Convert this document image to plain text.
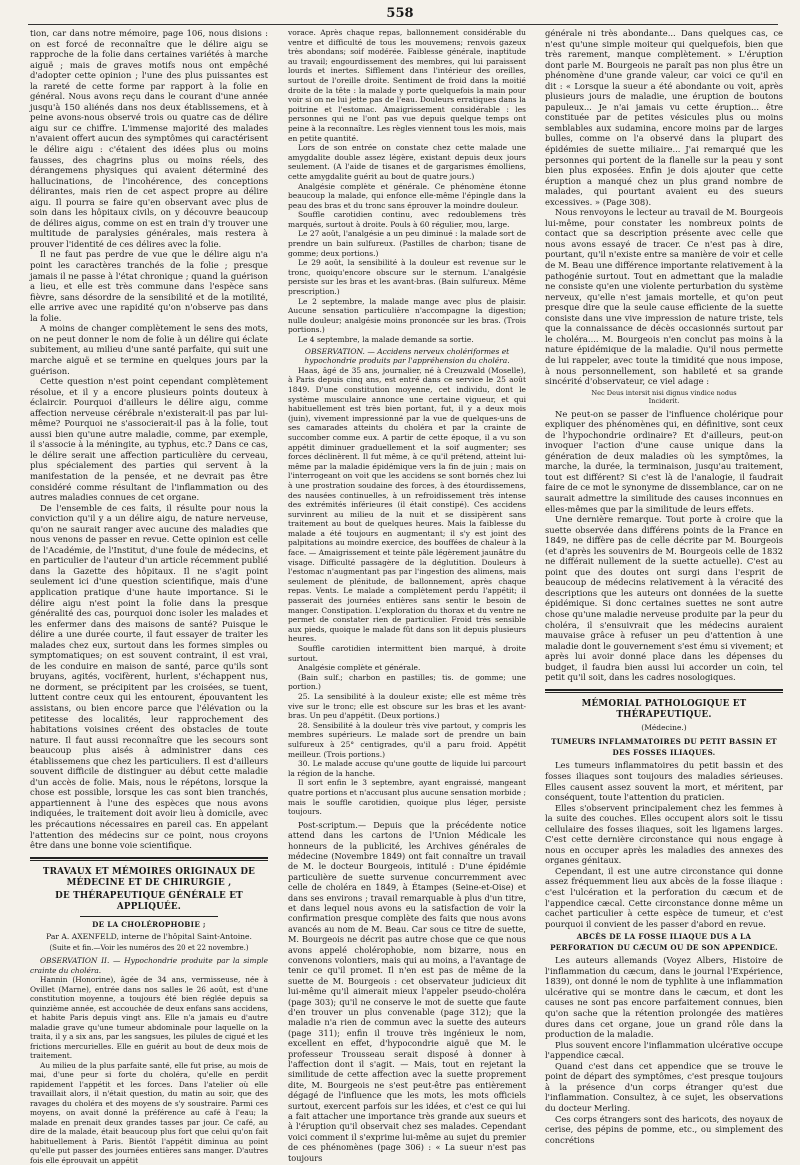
558

tion, car dans notre mémoire, page 106, nous disions : on est forcé de reconnaître que le délire aigu se rapproche de la folie dans certaines variétés à marche aiguë ; mais de graves motifs nous ont empêché d'adopter cette opinion ; l'une des plus puissantes est la rareté de cette forme par rapport à la folie en général. Nous avons reçu dans le courant d'une année jusqu'à 150 aliénés dans nos deux établissemens, et à peine avons-nous observé trois ou quatre cas de délire aigu sur ce chiffre. L'immense majorité des malades n'avaient offert aucun des symptômes qui caractérisent le délire aigu : c'étaient des idées plus ou moins fausses, des chagrins plus ou moins réels, des dérangemens physiques qui avaient déterminé des hallucinations, de l'incohérence, des conceptions délirantes, mais rien de cet aspect propre au délire aigu. Il pourra se faire qu'en observant avec plus de soin dans les hôpitaux civils, on y découvre beaucoup de délires aigus, comme on est en train d'y trouver une multitude de paralysies générales, mais restera à prouver l'identité de ces délires avec la folie.

Il ne faut pas perdre de vue que le délire aigu n'a point les caractères tranchés de la folie ; presque jamais il ne passe à l'état chronique ; quand la guérison a lieu, et elle est très commune dans l'espèce sans fièvre, sans désordre de la sensibilité et de la motilité, elle arrive avec une rapidité qu'on n'observe pas dans la folie.

A moins de changer complètement le sens des mots, on ne peut donner le nom de folie à un délire qui éclate subitement, au milieu d'une santé parfaite, qui suit une marche aiguë et se termine en quelques jours par la guérison.

Cette question n'est point cependant complètement résolue, et il y a encore plusieurs points douteux à éclaircir. Pourquoi d'ailleurs le délire aigu, comme affection nerveuse cérébrale n'existerait-il pas par lui-même? Pourquoi ne s'associerait-il pas à la folie, tout aussi bien qu'une autre maladie, comme, par exemple, il s'associe à la méningite, au typhus, etc.? Dans ce cas, le délire serait une affection particulière du cerveau, plus spécialement des parties qui servent à la manifestation de la pensée, et ne devrait pas être considéré comme résultant de l'inflammation ou des autres maladies connues de cet organe.

De l'ensemble de ces faits, il résulte pour nous la conviction qu'il y a un délire aigu, de nature nerveuse, qu'on ne saurait ranger avec aucune des maladies que nous venons de passer en revue. Cette opinion est celle de l'Académie, de l'Institut, d'une foule de médecins, et en particulier de l'auteur d'un article récemment publié dans la Gazette des hôpitaux. Il ne s'agit point seulement ici d'une question scientifique, mais d'une application pratique d'une haute importance. Si le délire aigu n'est point la folie dans la presque généralité des cas, pourquoi donc isoler les malades et les enfermer dans des maisons de santé? Puisque le délire a une durée courte, il faut essayer de traiter les malades chez eux, surtout dans les formes simples ou symptomatiques; on est souvent contraint, il est vrai, de les conduire en maison de santé, parce qu'ils sont bruyans, agités, vocifèrent, hurlent, s'échappent nus, ne dorment, se précipitent par les croisées, se tuent, luttent contre ceux qui les entourent, épouvantent les assistans, ou bien encore parce que l'élévation ou la petitesse des localités, leur rapprochement des habitations voisines créent des obstacles de toute nature. Il faut aussi reconnaître que les secours sont beaucoup plus aisés à administrer dans ces établissemens que chez les particuliers. Il est d'ailleurs souvent difficile de distinguer au début cette maladie d'un accès de folie. Mais, nous le répétons, lorsque la chose est possible, lorsque les cas sont bien tranchés, appartiennent à l'une des espèces que nous avons indiquées, le traitement doit avoir lieu à domicile, avec les précautions nécessaires en pareil cas. En appelant l'attention des médecins sur ce point, nous croyons être dans une bonne voie scientifique.

TRAVAUX ET MÉMOIRES ORIGINAUX DE MÉDECINE ET DE CHIRURGIE ,
DE THÉRAPEUTIQUE GÉNÉRALE ET APPLIQUÉE.
DE LA CHOLÉROPHOBIE ;
Par A. AXENFELD, interne de l'hôpital Saint-Antoine.
(Suite et fin.—Voir les numéros des 20 et 22 novembre.)

OBSERVATION II. — Hypochondrie produite par la simple crainte du choléra.

Hannin (Honorine), âgée de 34 ans, vermisseuse, née à Ovillet (Marne), entrée dans nos salles le 26 août, est d'une constitution moyenne, a toujours été bien réglée depuis sa quinzième année, est accouchée de deux enfans sans accidens, et habite Paris depuis vingt ans. Elle n'a jamais eu d'autre maladie grave qu'une tumeur abdominale pour laquelle on la traita, il y a six ans, par les sangsues, les pilules de cigué et les frictions mercurielles. Elle en guérit au bout de deux mois de traitement.

Au milieu de la plus parfaite santé, elle fut prise, au mois de mai, d'une peur si forte du choléra, qu'elle en perdit rapidement l'appétit et les forces. Dans l'atelier où elle travaillait alors, il n'était question, du matin au soir, que des ravages du choléra et des moyens de s'y soustraire. Parmi ces moyens, on avait donné la préférence au café à l'eau; la malade en prenait deux grandes tasses par jour. Ce café, au dire de la malade, était beaucoup plus fort que celui qu'on fait habituellement à Paris. Bientôt l'appétit diminua au point qu'elle put passer des journées entières sans manger. D'autres fois elle éprouvait un appétit

vorace. Après chaque repas, ballonnement considérable du ventre et difficulté de tous les mouvemens; renvois gazeux très abondans; soif modérée. Faiblesse générale, inaptitude au travail; engourdissement des membres, qui lui paraissent lourds et inertes. Sifflement dans l'intérieur des oreilles, surtout de l'oreille droite. Sentiment de froid dans la moitié droite de la tête : la malade y porte quelquefois la main pour voir si on ne lui jette pas de l'eau. Douleurs erratiques dans la poitrine et l'estomac. Amaigrissement considérable : les personnes qui ne l'ont pas vue depuis quelque temps ont peine à la reconnaître. Les règles viennent tous les mois, mais en petite quantité.

Lors de son entrée on constate chez cette malade une amygdalite double assez légère, existant depuis deux jours seulement. (A l'aide de tisanes et de gargarismes émolliens, cette amygdalite guérit au bout de quatre jours.)

Analgésie complète et générale. Ce phénomène étonne beaucoup la malade, qui enfonce elle-même l'épingle dans la peau des bras et du tronc sans éprouver la moindre douleur.

Souffle carotidien continu, avec redoublemens très marqués, surtout à droite. Pouls à 60 régulier, mou, large.

Le 27 août, l'analgésie a un peu diminué : la malade sort de prendre un bain sulfureux. (Pastilles de charbon; tisane de gomme; deux portions.)

Le 29 août, la sensibilité à la douleur est revenue sur le tronc, quoiqu'encore obscure sur le sternum. L'analgésie persiste sur les bras et les avant-bras. (Bain sulfureux. Même prescription.)

Le 2 septembre, la malade mange avec plus de plaisir. Aucune sensation particulière n'accompagne la digestion; nulle douleur; analgésie moins prononcée sur les bras. (Trois portions.)

Le 4 septembre, la malade demande sa sortie.

OBSERVATION. — Accidens nerveux cholériformes et hypochondrie produits par l'appréhension du choléra.

Haas, âgé de 35 ans, journalier, né à Creuzwald (Moselle), à Paris depuis cinq ans, est entré dans ce service le 25 août 1849. D'une constitution moyenne, cet individu, dont le système musculaire annonce une certaine vigueur, et qui habituellement est très bien portant, fut, il y a deux mois (juin), vivement impressionné par la vue de quelques-uns de ses camarades atteints du choléra et par la crainte de succomber comme eux. A partir de cette époque, il a vu son appétit diminuer graduellement et la soif augmenter; ses forces déclinèrent. Il fut même, à ce qu'il prétend, atteint lui-même par la maladie épidémique vers la fin de juin ; mais on l'interrogeant on voit que les accidens se sont bornés chez lui à une prostration soudaine des forces, à des étourdissemens, des nausées continuelles, à un refroidissement très intense des extrémités inférieures (il était constipé). Ces accidens survinrent au milieu de la nuit et se dissipèrent sans traitement au bout de quelques heures. Mais la faiblesse du malade a été toujours en augmentant; il s'y est joint des palpitations au moindre exercice, des bouffées de chaleur à la face. — Amaigrissement et teinte pâle légèrement jaunâtre du visage. Difficulté passagère de la déglutition. Douleurs à l'estomac n'augmentant pas par l'ingestion des alimens, mais seulement de plénitude, de ballonnement, après chaque repas. Vents. Le malade a complètement perdu l'appétit; il passerait des journées entières sans sentir le besoin de manger. Constipation. L'exploration du thorax et du ventre ne permet de constater rien de particulier. Froid très sensible aux pieds, quoique le malade fût dans son lit depuis plusieurs heures.

Souffle carotidien intermittent bien marqué, à droite surtout.

Analgésie complète et générale.

(Bain sulf.; charbon en pastilles; tis. de gomme; une portion.)

25. La sensibilité à la douleur existe; elle est même très vive sur le tronc; elle est obscure sur les bras et les avant-bras. Un peu d'appétit. (Deux portions.)

28. Sensibilité à la douleur très vive partout, y compris les membres supérieurs. Le malade sort de prendre un bain sulfureux à 25° centigrades, qu'il a paru froid. Appétit meilleur. (Trois portions.)

30. Le malade accuse qu'une goutte de liquide lui parcourt la région de la hanche.

Il sort enfin le 3 septembre, ayant engraissé, mangeant quatre portions et n'accusant plus aucune sensation morbide ; mais le souffle carotidien, quoique plus léger, persiste toujours.

Post-scriptum.— Depuis que la précédente notice attend dans les cartons de l'Union Médicale les honneurs de la publicité, les Archives générales de médecine (Novembre 1849) ont fait connaître un travail de M. le docteur Bourgeois, intitulé : D'une épidémie particulière de suette survenue concurremment avec celle de choléra en 1849, à Étampes (Seine-et-Oise) et dans ses environs ; travail remarquable à plus d'un titre, et dans lequel nous avons eu la satisfaction de voir la confirmation presque complète des faits que nous avons avancés au nom de M. Beau. Car sous ce titre de suette, M. Bourgeois ne décrit pas autre chose que ce que nous avons appelé cholérophobie, nom bizarre, nous en convenons volontiers, mais qui au moins, a l'avantage de tenir ce qu'il promet. Il n'en est pas de même de la suette de M. Bourgeois : cet observateur judicieux dit lui-même qu'il aimerait mieux l'appeler pseudo-choléra (page 303); qu'il ne conserve le mot de suette que faute d'en trouver un plus convenable (page 312); que la maladie n'a rien de commun avec la suette des auteurs (page 311); enfin il trouve très ingénieux le nom, excellent en effet, d'hypocondrie aiguë que M. le professeur Trousseau serait disposé à donner à l'affection dont il s'agit. — Mais, tout en rejetant la similitude de cette affection avec la suette proprement dite, M. Bourgeois ne s'est peut-être pas entièrement dégagé de l'influence que les mots, les mots officiels surtout, exercent parfois sur les idées, et c'est ce qui lui a fait attacher une importance très grande aux sueurs et à l'éruption qu'il observait chez ses malades. Cependant voici comment il s'exprime lui-même au sujet du premier de ces phénomènes (page 306) : « La sueur n'est pas toujours

générale ni très abondante... Dans quelques cas, ce n'est qu'une simple moiteur qui quelquefois, bien que très rarement, manque complètement. » L'éruption dont parle M. Bourgeois ne paraît pas non plus être un phénomène d'une grande valeur, car voici ce qu'il en dit : « Lorsque la sueur a été abondante ou voit, après plusieurs jours de maladie, une éruption de boutons papuleux... Je n'ai jamais vu cette éruption... être constituée par de petites vésicules plus ou moins semblables aux sudamina, encore moins par de larges bulles, comme on l'a observé dans la plupart des épidémies de suette miliaire... J'ai remarqué que les personnes qui portent de la flanelle sur la peau y sont bien plus exposées. Enfin je dois ajouter que cette éruption a manqué chez un plus grand nombre de malades, qui pourtant avaient eu des sueurs excessives. » (Page 308).

Nous renvoyons le lecteur au travail de M. Bourgeois lui-même, pour constater les nombreux points de contact que sa description présente avec celle que nous avons essayé de tracer. Ce n'est pas à dire, pourtant, qu'il n'existe entre sa manière de voir et celle de M. Beau une différence importante relativement à la pathogénie surtout. Tout en admettant que la maladie ne consiste qu'en une violente perturbation du système nerveux, qu'elle n'est jamais mortelle, et qu'on peut presque dire que la seule cause efficiente de la suette consiste dans une vive impression de nature triste, tels que la connaissance de décès occasionnés surtout par le choléra.... M. Bourgeois n'en conclut pas moins à la nature épidémique de la maladie. Qu'il nous permette de lui rappeler, avec toute la timidité que nous impose, à nous personnellement, son habileté et sa grande sincérité d'observateur, ce viel adage :

Nec Deus intersit nisi dignus vindice nodus
Inciderit.

Ne peut-on se passer de l'influence cholérique pour expliquer des phénomènes qui, en définitive, sont ceux de l'hypochondrie ordinaire? Et d'ailleurs, peut-on invoquer l'action d'une cause unique dans la génération de deux maladies où les symptômes, la marche, la durée, la terminaison, jusqu'au traitement, tout est différent? Si c'est là de l'analogie, il faudrait faire de ce mot le synonyme de dissemblance, car on ne saurait admettre la similitude des causes inconnues en elles-mêmes que par la similitude de leurs effets.

Une dernière remarque. Tout porte à croire que la suette observée dans différens points de la France en 1849, ne diffère pas de celle décrite par M. Bourgeois (et d'après les souvenirs de M. Bourgeois celle de 1832 ne différait nullement de la suette actuelle). C'est au point que des doutes ont surgi dans l'esprit de beaucoup de médecins relativement à la véracité des descriptions que les auteurs ont données de la suette épidémique. Si donc certaines suettes ne sont autre chose qu'une maladie nerveuse produite par la peur du choléra, il s'ensuivrait que les médecins auraient mauvaise grâce à refuser un peu d'attention à une maladie dont le gouvernement s'est ému si vivement; et après lui avoir donné place dans les dépenses du budget, il faudra bien aussi lui accorder un coin, tel petit qu'il soit, dans les cadres nosologiques.

MÉMORIAL PATHOLOGIQUE ET THÉRAPEUTIQUE.
(Médecine.)
TUMEURS INFLAMMATOIRES DU PETIT BASSIN ET DES FOSSES ILIAQUES.

Les tumeurs inflammatoires du petit bassin et des fosses iliaques sont toujours des maladies sérieuses. Elles causent assez souvent la mort, et méritent, par conséquent, toute l'attention du praticien.

Elles s'observent principalement chez les femmes à la suite des couches. Elles occupent alors soit le tissu cellulaire des fosses iliaques, soit les ligamens larges. C'est cette dernière circonstance qui nous engage à nous en occuper après les maladies des annexes des organes génitaux.

Cependant, il est une autre circonstance qui donne assez fréquemment lieu aux abcès de la fosse iliaque : c'est l'ulcération et la perforation du cæcum et de l'appendice cæcal. Cette circonstance donne même un cachet particulier à cette espèce de tumeur, et c'est pourquoi il convient de les passer d'abord en revue.

ABCÈS DE LA FOSSE ILIAQUE DUS A LA PERFORATION DU CÆCUM OU DE SON APPENDICE.

Les auteurs allemands (Voyez Albers, Histoire de l'inflammation du cæcum, dans le journal l'Expérience, 1839), ont donné le nom de typhlite à une inflammation ulcérative qui se montre dans le cæcum, et dont les causes ne sont pas encore parfaitement connues, bien qu'on sache que la rétention prolongée des matières dures dans cet organe, joue un grand rôle dans la production de la maladie.

Plus souvent encore l'inflammation ulcérative occupe l'appendice cæcal.

Quand c'est dans cet appendice que se trouve le point de départ des symptômes, c'est presque toujours à la présence d'un corps étranger qu'est due l'inflammation. Consultez, à ce sujet, les observations du docteur Merling.

Ces corps étrangers sont des haricots, des noyaux de cerise, des pépins de pomme, etc., ou simplement des concrétions
